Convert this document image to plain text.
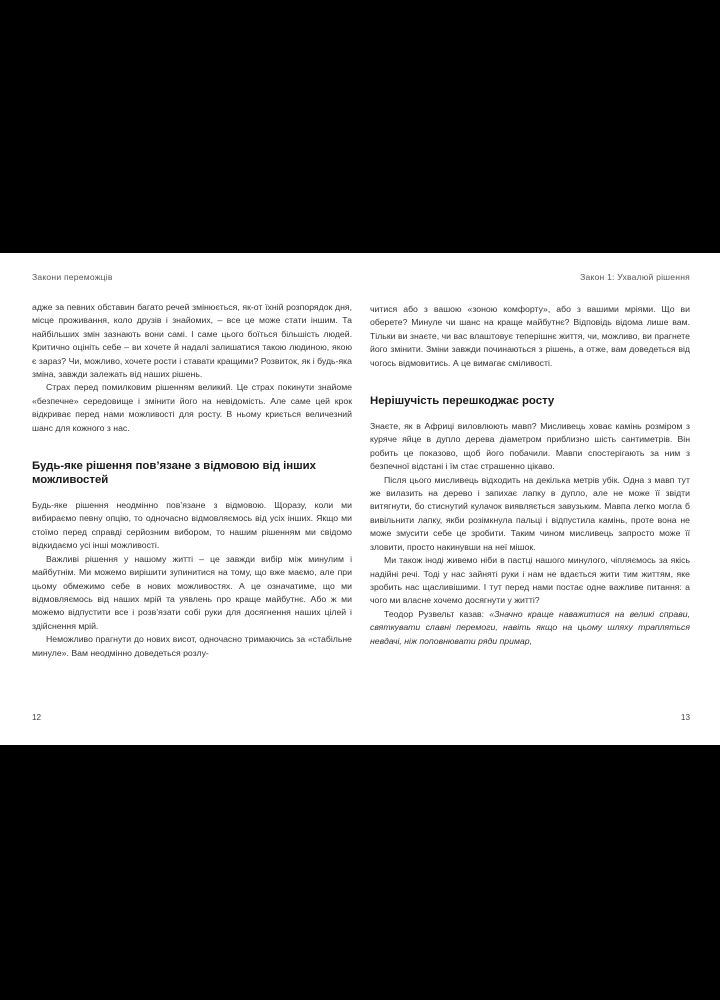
Закони переможців

адже за певних обставин багато речей змінюється, як-от їхній розпорядок дня, місце проживання, коло друзів і знайомих, – все це може стати іншим. Та найбільших змін зазнають вони самі. І саме цього боїться більшість людей. Критично оцініть себе – ви хочете й надалі залишатися такою людиною, якою є зараз? Чи, можливо, хочете рости і ставати кращими? Розвиток, як і будь-яка зміна, завжди залежать від наших рішень.

Страх перед помилковим рішенням великий. Це страх покинути знайоме «безпечне» середовище і змінити його на невідомість. Але саме цей крок відкриває перед нами можливості для росту. В ньому криється величезний шанс для кожного з нас.

Будь-яке рішення пов’язане з відмовою від інших можливостей

Будь-яке рішення неодмінно пов’язане з відмовою. Щоразу, коли ми вибираємо певну опцію, то одночасно відмовляємось від усіх інших. Якщо ми стоїмо перед справді серйозним вибором, то нашим рішенням ми свідомо відкидаємо усі інші можливості.

Важливі рішення у нашому житті – це завжди вибір між минулим і майбутнім. Ми можемо вирішити зупинитися на тому, що вже маємо, але при цьому обмежимо себе в нових можливостях. А це означатиме, що ми відмовляємось від наших мрій та уявлень про краще майбутнє. Або ж ми можемо відпустити все і розв’язати собі руки для досягнення наших цілей і здійснення мрій.

Неможливо прагнути до нових висот, одночасно тримаючись за «стабільне минуле». Вам неодмінно доведеться розлу-

12
Закон 1: Ухвалюй рішення

читися або з вашою «зоною комфорту», або з вашими мріями. Що ви оберете? Минуле чи шанс на краще майбутнє? Відповідь відома лише вам. Тільки ви знаєте, чи вас влаштовує теперішнє життя, чи, можливо, ви прагнете його змінити. Зміни завжди починаються з рішень, а отже, вам доведеться від чогось відмовитись. А це вимагає сміливості.

Нерішучість перешкоджає росту

Знаєте, як в Африці виловлюють мавп? Мисливець ховає камінь розміром з куряче яйце в дупло дерева діаметром приблизно шість сантиметрів. Він робить це показово, щоб його побачили. Мавпи спостерігають за ним з безпечної відстані і їм стає страшенно цікаво.

Після цього мисливець відходить на декілька метрів убік. Одна з мавп тут же вилазить на дерево і запихає лапку в дупло, але не може її звідти витягнути, бо стиснутий кулачок виявляється завузьким. Мавпа легко могла б вивільнити лапку, якби розімкнула пальці і відпустила камінь, проте вона не може змусити себе це зробити. Таким чином мисливець запросто може її зловити, просто накинувши на неї мішок.

Ми також іноді живемо ніби в пастці нашого минулого, чіпляємось за якісь надійні речі. Тоді у нас зайняті руки і нам не вдається жити тим життям, яке зробить нас щасливішими. І тут перед нами постає одне важливе питання: а чого ми власне хочемо досягнути у житті?

Теодор Рузвельт казав: «Значно краще наважитися на великі справи, святкувати славні перемоги, навіть якщо на цьому шляху трапляться невдачі, ніж поповнювати ряди примар,

13
